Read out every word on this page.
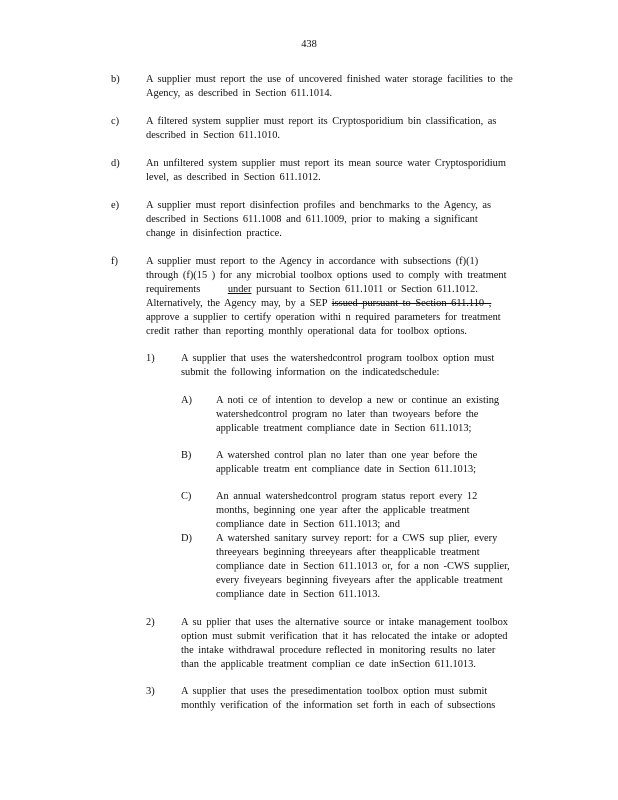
438
b)	A supplier must report the use of uncovered finished water storage facilities to the
Agency, as described in Section 611.1014.
c)	A filtered system supplier must report its Cryptosporidium bin classification, as
described in Section 611.1010.
d)	An unfiltered system supplier must report its mean source water Cryptosporidium
level, as described in Section 611.1012.
e)	A supplier must report disinfection profiles and benchmarks to the Agency, as
described in Sections 611.1008 and 611.1009, prior to making a significant
change in disinfection practice.
f)	A supplier must report to the Agency in accordance with subsections (f)(1)
through (f)(15 ) for any microbial toolbox options used to comply with treatment
requirements	under pursuant to Section 611.1011 or Section 611.1012.
Alternatively, the Agency may, by a SEP issued pursuant to Section 611.110 ,
approve a supplier to certify operation withi n required parameters for treatment
credit rather than reporting monthly operational data for toolbox options.
1)	A supplier that uses the watershedcontrol program toolbox option must
submit the following information on the indicatedschedule:
A) A noti ce of intention to develop a new or continue an existing
watershedcontrol program no later than twoyears before the
applicable treatment compliance date in Section 611.1013;
B) A watershed control plan no later than one year before the
applicable treatm ent compliance date in Section 611.1013;
C) An annual watershedcontrol program status report every 12
months, beginning one year after the applicable treatment
compliance date in Section 611.1013; and
D) A watershed sanitary survey report: for a CWS sup plier, every
threeyears beginning threeyears after theapplicable treatment
compliance date in Section 611.1013 or, for a non -CWS supplier,
every fiveyears beginning fiveyears after the applicable treatment
compliance date in Section 611.1013.
2)	A su pplier that uses the alternative source or intake management toolbox
option must submit verification that it has relocated the intake or adopted
the intake withdrawal procedure reflected in monitoring results no later
than the applicable treatment complian ce date inSection 611.1013.
3)	A supplier that uses the presedimentation toolbox option must submit
monthly verification of the information set forth in each of subsections
